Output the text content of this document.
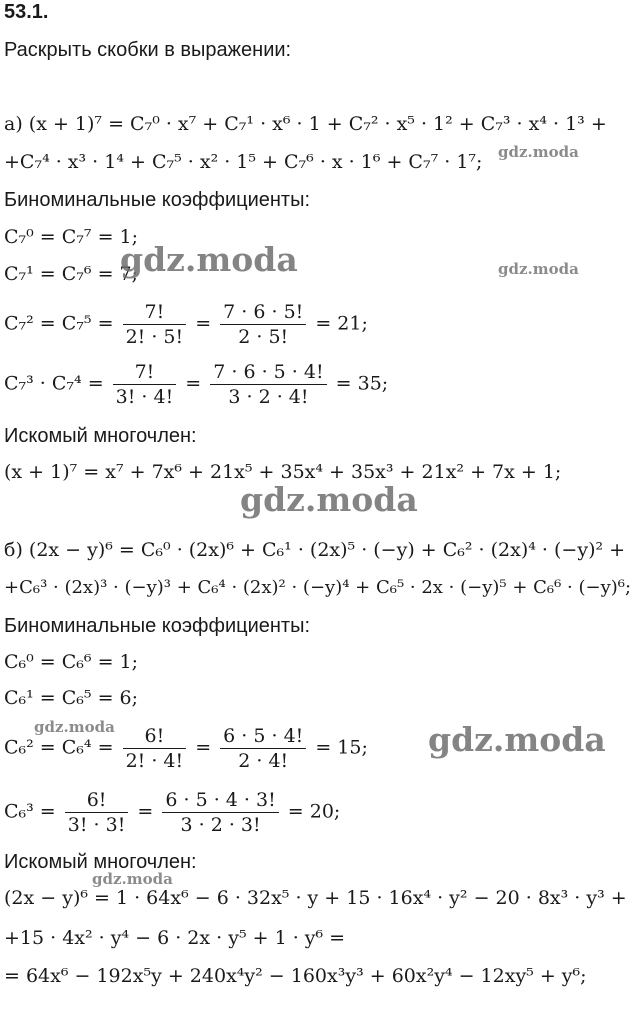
53.1.
Раскрыть скобки в выражении:
а) (x + 1)⁷ = C₇⁰ · x⁷ + C₇¹ · x⁶ · 1 + C₇² · x⁵ · 1² + C₇³ · x⁴ · 1³ +
+C₇⁴ · x³ · 1⁴ + C₇⁵ · x² · 1⁵ + C₇⁶ · x · 1⁶ + C₇⁷ · 1⁷;
Биноминальные коэффициенты:
C₇⁰ = C₇⁷ = 1;
C₇¹ = C₇⁶ = 7;
$C_7^2 = C_7^5 = \frac{7!}{2! \cdot 5!} = \frac{7 \cdot 6 \cdot 5!}{2 \cdot 5!} = 21$;
$C_7^3 \cdot C_7^4 = \frac{7!}{3! \cdot 4!} = \frac{7 \cdot 6 \cdot 5 \cdot 4!}{3 \cdot 2 \cdot 4!} = 35$;
Искомый многочлен:
(x + 1)⁷ = x⁷ + 7x⁶ + 21x⁵ + 35x⁴ + 35x³ + 21x² + 7x + 1;
б) (2x − y)⁶ = C₆⁰ · (2x)⁶ + C₆¹ · (2x)⁵ · (−y) + C₆² · (2x)⁴ · (−y)² +
+C₆³ · (2x)³ · (−y)³ + C₆⁴ · (2x)² · (−y)⁴ + C₆⁵ · 2x · (−y)⁵ + C₆⁶ · (−y)⁶;
Биноминальные коэффициенты:
C₆⁰ = C₆⁶ = 1;
C₆¹ = C₆⁵ = 6;
$C_6^2 = C_6^4 = \frac{6!}{2! \cdot 4!} = \frac{6 \cdot 5 \cdot 4!}{2 \cdot 4!} = 15$;
$C_6^3 = \frac{6!}{3! \cdot 3!} = \frac{6 \cdot 5 \cdot 4 \cdot 3!}{3 \cdot 2 \cdot 3!} = 20$;
Искомый многочлен:
(2x − y)⁶ = 1 · 64x⁶ − 6 · 32x⁵ · y + 15 · 16x⁴ · y² − 20 · 8x³ · y³ +
+15 · 4x² · y⁴ − 6 · 2x · y⁵ + 1 · y⁶ =
= 64x⁶ − 192x⁵y + 240x⁴y² − 160x³y³ + 60x²y⁴ − 12xy⁵ + y⁶;
gdz.moda
gdz.moda	gdz.moda
gdz.moda
gdz.moda	gdz.moda
gdz.moda
